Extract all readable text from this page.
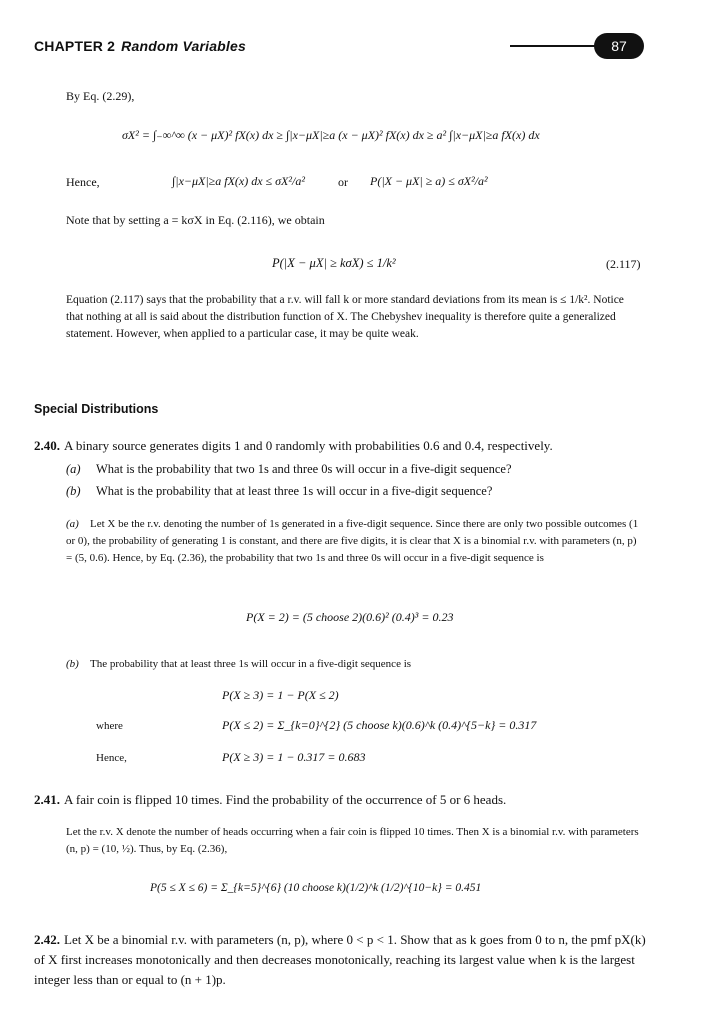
CHAPTER 2 Random Variables	87
By Eq. (2.29),
σX² = ∫₋∞^∞ (x − μX)² fX(x) dx ≥ ∫|x−μX|≥a (x − μX)² fX(x) dx ≥ a² ∫|x−μX|≥a fX(x) dx
Hence,	∫|x−μX|≥a fX(x) dx ≤ σX²/a²	or P(|X − μX| ≥ a) ≤ σX²/a²
Note that by setting a = kσX in Eq. (2.116), we obtain
P(|X − μX| ≥ kσX) ≤ 1/k²	(2.117)
Equation (2.117) says that the probability that a r.v. will fall k or more standard deviations from its mean is ≤ 1/k². Notice that nothing at all is said about the distribution function of X. The Chebyshev inequality is therefore quite a generalized statement. However, when applied to a particular case, it may be quite weak.
Special Distributions
2.40. A binary source generates digits 1 and 0 randomly with probabilities 0.6 and 0.4, respectively.
(a) What is the probability that two 1s and three 0s will occur in a five-digit sequence?
(b) What is the probability that at least three 1s will occur in a five-digit sequence?
(a) Let X be the r.v. denoting the number of 1s generated in a five-digit sequence. Since there are only two possible outcomes (1 or 0), the probability of generating 1 is constant, and there are five digits, it is clear that X is a binomial r.v. with parameters (n, p) = (5, 0.6). Hence, by Eq. (2.36), the probability that two 1s and three 0s will occur in a five-digit sequence is
P(X = 2) = (5 choose 2)(0.6)² (0.4)³ = 0.23
(b) The probability that at least three 1s will occur in a five-digit sequence is
P(X ≥ 3) = 1 − P(X ≤ 2)
where	P(X ≤ 2) = Σ_{k=0}^{2} (5 choose k)(0.6)^k (0.4)^{5−k} = 0.317
Hence,	P(X ≥ 3) = 1 − 0.317 = 0.683
2.41. A fair coin is flipped 10 times. Find the probability of the occurrence of 5 or 6 heads.
Let the r.v. X denote the number of heads occurring when a fair coin is flipped 10 times. Then X is a binomial r.v. with parameters (n, p) = (10, ½). Thus, by Eq. (2.36),
P(5 ≤ X ≤ 6) = Σ_{k=5}^{6} (10 choose k)(1/2)^k (1/2)^{10−k} = 0.451
2.42. Let X be a binomial r.v. with parameters (n, p), where 0 < p < 1. Show that as k goes from 0 to n, the pmf pX(k) of X first increases monotonically and then decreases monotonically, reaching its largest value when k is the largest integer less than or equal to (n + 1)p.
